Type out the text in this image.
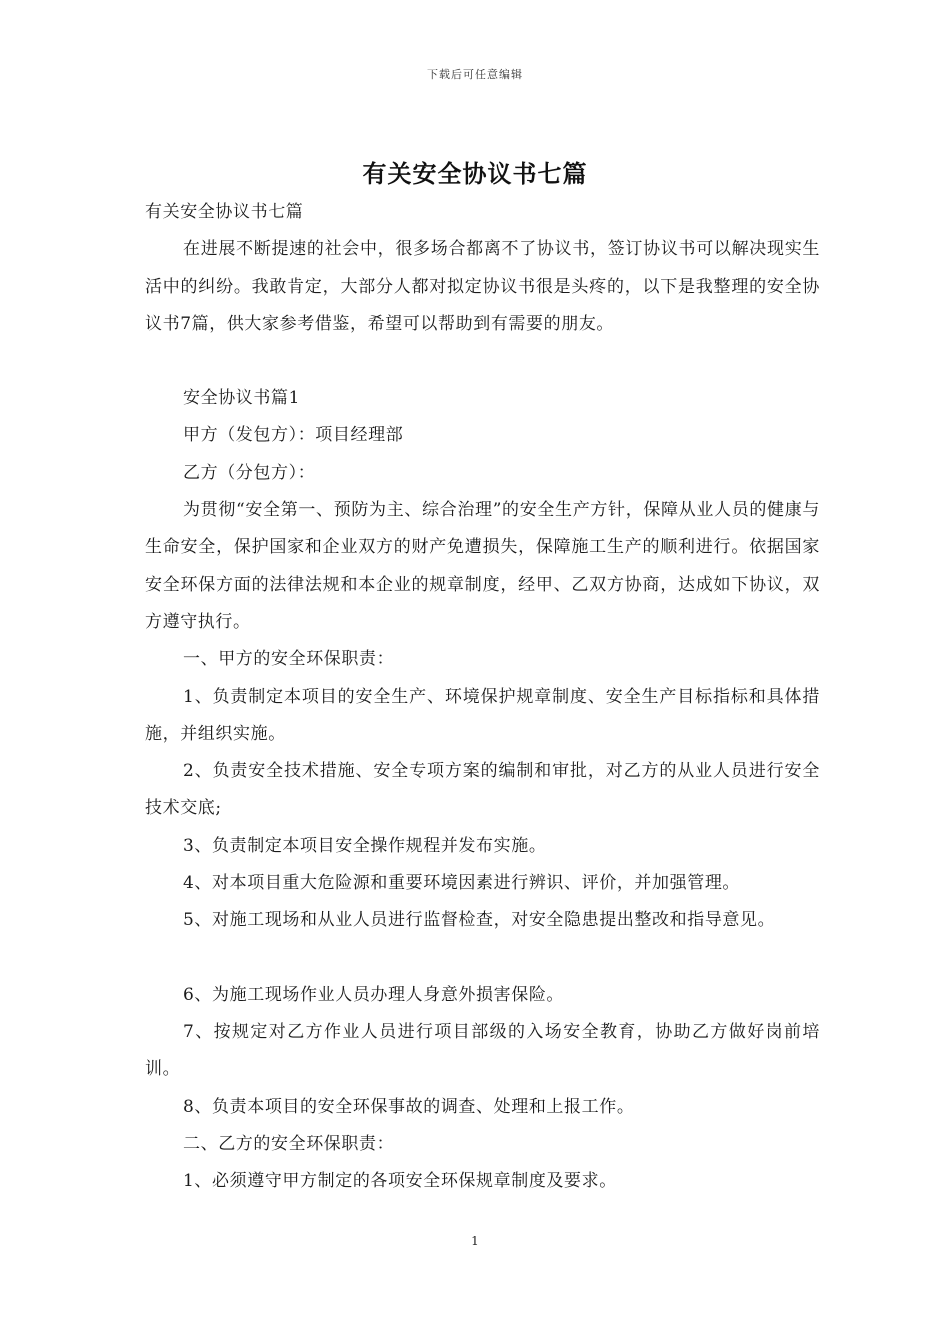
下载后可任意编辑
有关安全协议书七篇

有关安全协议书七篇

在进展不断提速的社会中，很多场合都离不了协议书，签订协议书可以解决现实生活中的纠纷。我敢肯定，大部分人都对拟定协议书很是头疼的，以下是我整理的安全协议书7篇，供大家参考借鉴，希望可以帮助到有需要的朋友。

安全协议书篇1

甲方（发包方）：项目经理部

乙方（分包方）：

为贯彻“安全第一、预防为主、综合治理”的安全生产方针，保障从业人员的健康与生命安全，保护国家和企业双方的财产免遭损失，保障施工生产的顺利进行。依据国家安全环保方面的法律法规和本企业的规章制度，经甲、乙双方协商，达成如下协议，双方遵守执行。

一、甲方的安全环保职责：

1、负责制定本项目的安全生产、环境保护规章制度、安全生产目标指标和具体措施，并组织实施。

2、负责安全技术措施、安全专项方案的编制和审批，对乙方的从业人员进行安全技术交底;

3、负责制定本项目安全操作规程并发布实施。

4、对本项目重大危险源和重要环境因素进行辨识、评价，并加强管理。

5、对施工现场和从业人员进行监督检查，对安全隐患提出整改和指导意见。

6、为施工现场作业人员办理人身意外损害保险。

7、按规定对乙方作业人员进行项目部级的入场安全教育，协助乙方做好岗前培训。

8、负责本项目的安全环保事故的调查、处理和上报工作。

二、乙方的安全环保职责：

1、必须遵守甲方制定的各项安全环保规章制度及要求。

1
